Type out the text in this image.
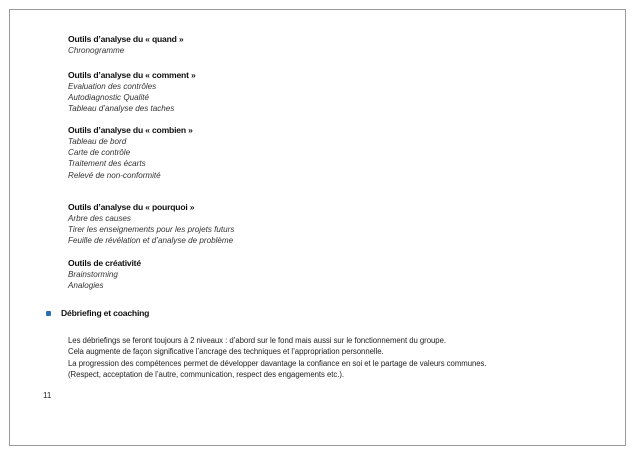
Outils d’analyse du « quand »
Chronogramme
Outils d’analyse du « comment »
Evaluation des contrôles
Autodiagnostic Qualité
Tableau d’analyse des taches
Outils d’analyse du « combien »
Tableau de bord
Carte de contrôle
Traitement des écarts
Relevé de non-conformité
Outils d’analyse du « pourquoi »
Arbre des causes
Tirer les enseignements pour les projets futurs
Feuille de révélation et d’analyse de problème
Outils de créativité
Brainstorming
Analogies
Débriefing et coaching
Les débriefings se feront toujours à 2 niveaux : d’abord sur le fond mais aussi sur le fonctionnement du groupe.
Cela augmente de façon significative l’ancrage des techniques et l’appropriation personnelle.
La progression des compétences permet de développer davantage la confiance en soi et le partage de valeurs communes.
(Respect, acceptation de l’autre, communication, respect des engagements etc.).
11
